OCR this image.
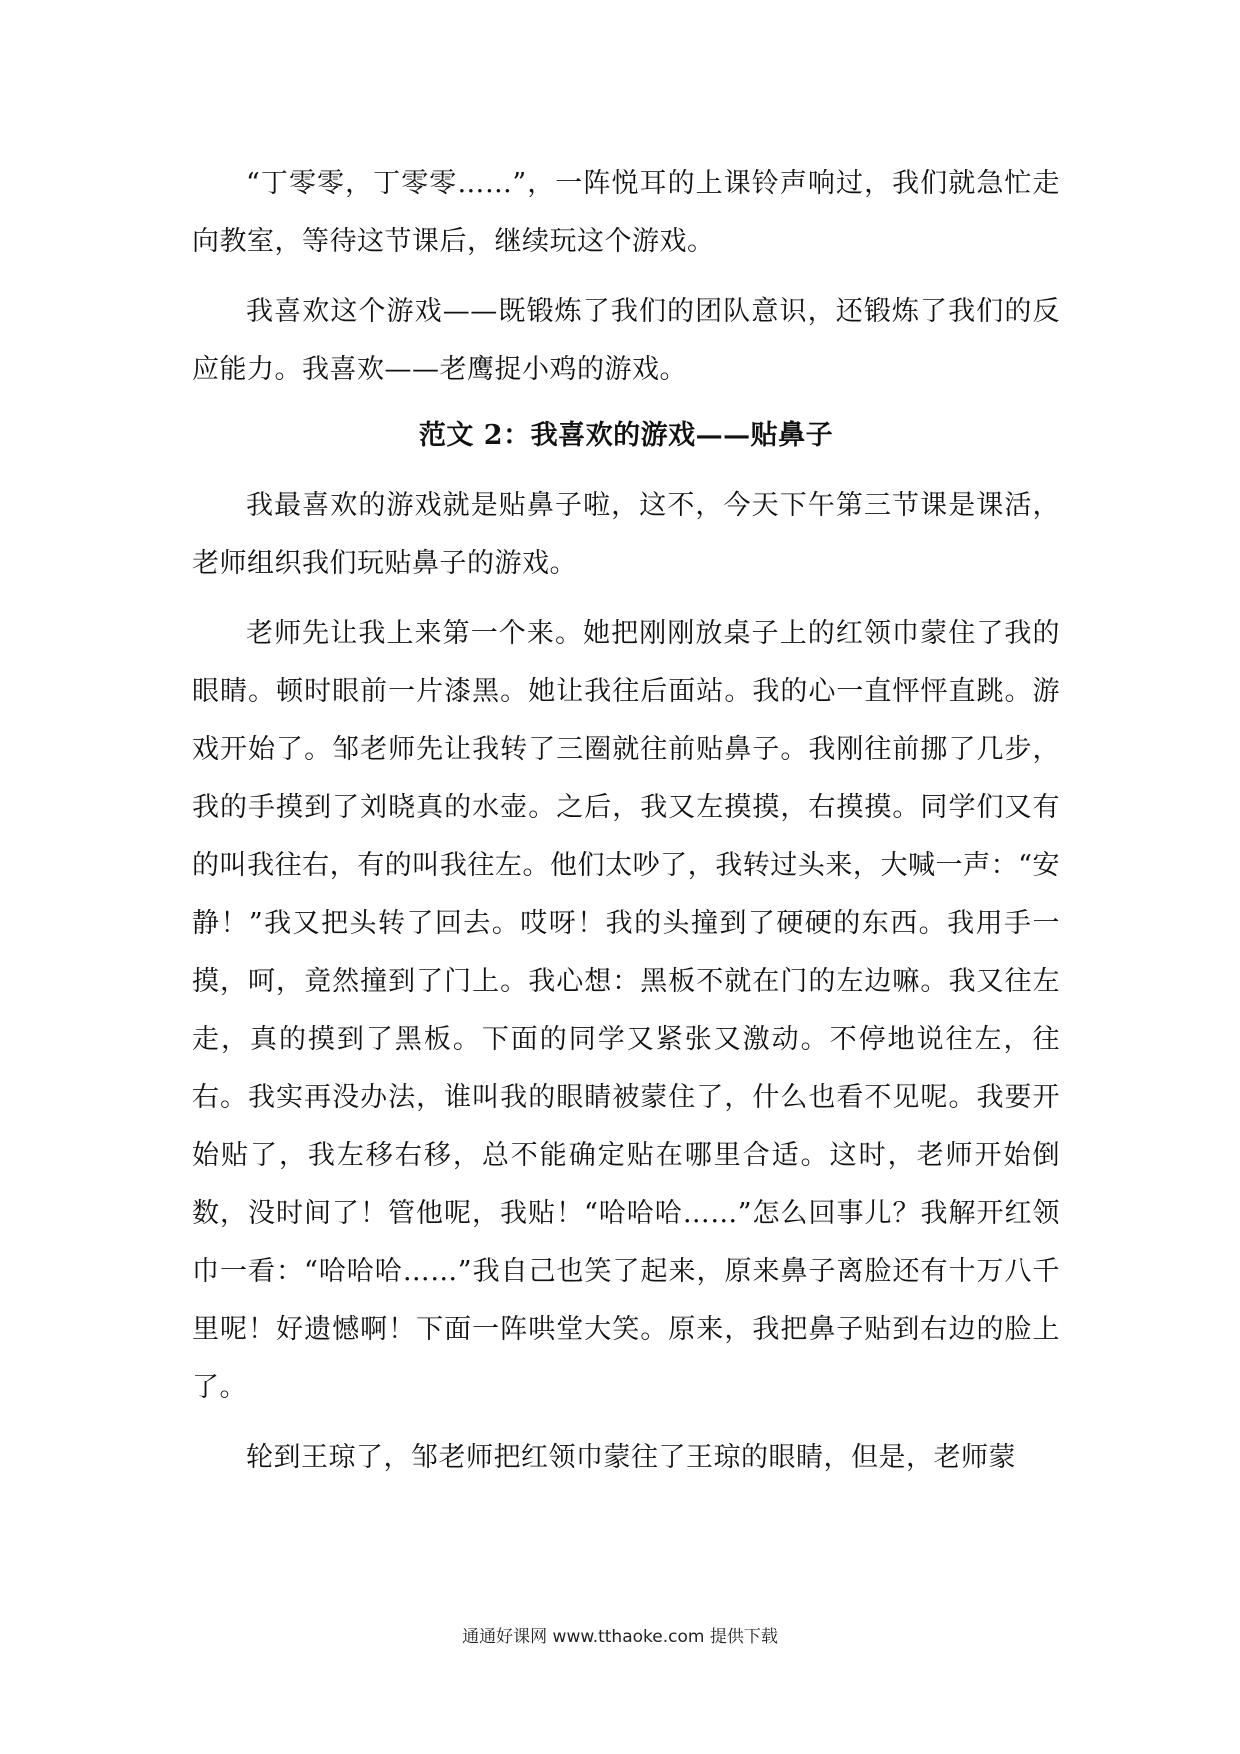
“丁零零，丁零零……”，一阵悦耳的上课铃声响过，我们就急忙走向教室，等待这节课后，继续玩这个游戏。

我喜欢这个游戏——既锻炼了我们的团队意识，还锻炼了我们的反应能力。我喜欢——老鹰捉小鸡的游戏。

范文 2：我喜欢的游戏——贴鼻子

我最喜欢的游戏就是贴鼻子啦，这不，今天下午第三节课是课活，老师组织我们玩贴鼻子的游戏。

老师先让我上来第一个来。她把刚刚放桌子上的红领巾蒙住了我的眼睛。顿时眼前一片漆黑。她让我往后面站。我的心一直怦怦直跳。游戏开始了。邹老师先让我转了三圈就往前贴鼻子。我刚往前挪了几步，我的手摸到了刘晓真的水壶。之后，我又左摸摸，右摸摸。同学们又有的叫我往右，有的叫我往左。他们太吵了，我转过头来，大喊一声：“安静！”我又把头转了回去。哎呀！我的头撞到了硬硬的东西。我用手一摸，呵，竟然撞到了门上。我心想：黑板不就在门的左边嘛。我又往左走，真的摸到了黑板。下面的同学又紧张又激动。不停地说往左，往右。我实再没办法，谁叫我的眼睛被蒙住了，什么也看不见呢。我要开始贴了，我左移右移，总不能确定贴在哪里合适。这时，老师开始倒数，没时间了！管他呢，我贴！“哈哈哈……”怎么回事儿？我解开红领巾一看：“哈哈哈……”我自己也笑了起来，原来鼻子离脸还有十万八千里呢！好遗憾啊！下面一阵哄堂大笑。原来，我把鼻子贴到右边的脸上了。

轮到王琼了，邹老师把红领巾蒙往了王琼的眼睛，但是，老师蒙

通通好课网 www.tthaoke.com 提供下载
